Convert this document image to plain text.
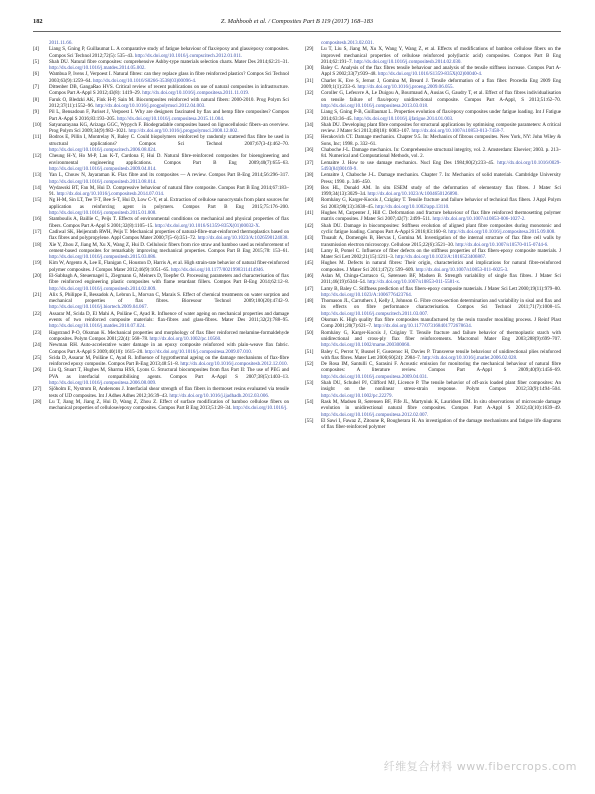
182	Z. Mahboob et al. / Composites Part B 119 (2017) 168–183
2011.11.66.
[4] Liang S, Gning P, Guillaumat L. A comparative study of fatigue behaviour of flax/epoxy and glass/epoxy composites. Compos Sci Technol 2012;72(5): 535–43. http://dx.doi.org/10.1016/j.compscitech.2012.01.011.
[5] Shah DU. Natural fibre composites: comprehensive Ashby-type materials selection charts. Mater Des 2014;62:21–31. http://dx.doi.org/10.1016/j.matdes.2014.05.002.
[6] Wambua P, Ivens J, Verpoest I. Natural fibres: can they replace glass in fibre reinforced plastics? Compos Sci Technol 2003;63(9):1259–64. http://dx.doi.org/10.1016/S0266-3538(03)00096-4.
[7] Dittenber DB, GangaRao HVS. Critical review of recent publications on use of natural composites in infrastructure. Compos Part A-Appl S 2012;43(8): 1419–29. http://dx.doi.org/10.1016/j.compositesa.2011.11.019.
[8] Faruk O, Bledzki AK, Fink H-P, Sain M. Biocomposites reinforced with natural fibers: 2000-2010. Prog Polym Sci 2012;37(11):1552–96. http://dx.doi.org/10.1016/j.progpolymsci.2012.04.003.
[9] Pil L, Bensadoun F, Pariset J, Verpoest I. Why are designers fascinated by flax and hemp fibre composites? Compos Part A-Appl S 2016;83:193–205. http://dx.doi.org/10.1016/j.compositesa.2015.11.004.
[10] Satyanarayana KG, Arizaga GGC, Wypych F. Biodegradable composites based on lignocellulosic fibers–an overview. Prog Polym Sci 2009;34(9):982–1021. http://dx.doi.org/10.1016/j.progpolymsci.2008.12.002.
[11] Bodros E, Pillin I, Montrelay N, Baley C. Could biopolymers reinforced by randomly scattered flax fibre be used in structural applications? Compos Sci Technol 2007;67(3-4):462–70. http://dx.doi.org/10.1016/j.compscitech.2006.08.024.
[12] Cheung H-Y, Ho M-P, Lau K-T, Cardona F, Hui D. Natural fibre-reinforced composites for bioengineering and environmental engineering applications. Compos Part B Eng 2009;40(7):655–63. http://dx.doi.org/10.1016/j.compositesb.2009.04.014.
[13] Yan L, Chouw N, Jayaraman K. Flax fibre and its composites — A review. Compos Part B-Eng 2014;56:296–317. http://dx.doi.org/10.1016/j.compositesb.2013.08.014.
[14] Wydawski BT, Fan M, Hui D. Compressive behaviour of natural fibre composite. Compos Part B Eng 2014;67:183–91. http://dx.doi.org/10.1016/j.compositesb.2014.07.014.
[15] Ng H-M, Sin LT, Tee T-T, Bee S-T, Hui D, Low C-Y, et al. Extraction of cellulose nanocrystals from plant sources for application as reinforcing agent in polymers. Compos Part B Eng 2015;75:176–200. http://dx.doi.org/10.1016/j.compositesb.2015.01.008.
[16] Stamboulis A, Baillie C, Peijs T. Effects of environmental conditions on mechanical and physical properties of flax fibers. Compos Part A-Appl S 2001;32(8):1105–15. http://dx.doi.org/10.1016/S1359-835X(01)00032-X.
[17] Cadiwal SK, Heijenrath RWH, Peijs T. Mechanical properties of natural-fibre-mat-reinforced thermoplastics based on flax fibres and polypropylene. Appl Compos Mater 2000;7(5–6):351–72. http://dx.doi.org/10.1023/A:1026590124038.
[18] Xie Y, Zhou Z, Jiang M, Xu X, Wang Z, Hui D. Cellulosic fibers from rice straw and bamboo used as reinforcement of cement-based composites for remarkably improving mechanical properties. Compos Part B Eng 2015;78: 153–61. http://dx.doi.org/10.1016/j.compositesb.2015.03.086.
[19] Kim W, Argento A, Lee E, Flanigan C, Houston D, Harris A, et al. High strain-rate behavior of natural fiber-reinforced polymer composites. J Compos Mater 2012;46(9):1051–65. http://dx.doi.org/10.1177/0021998311414946.
[20] El-Sabbagh A, Steuernagel L, Ziegmann G, Meiners D, Toepfer O. Processing parameters and characterisation of flax fibre reinforced engineering plastic composites with flame retardant fillers. Compos Part B-Eng 2014;62:12–8. http://dx.doi.org/10.1016/j.compositesb.2014.02.009.
[21] Alix S, Philippe E, Bessadok A, Lebrun L, Morvan C, Marais S. Effect of chemical treatments on water sorption and mechanical properties of flax fibres. Bioresour Technol 2009;100(20):4742–9. http://dx.doi.org/10.1016/j.biortech.2009.04.067.
[22] Assarar M, Scida D, El Mahi A, Poilâne C, Ayad R. Influence of water ageing on mechanical properties and damage events of two reinforced composite materials: flax-fibres and glass-fibres. Mater Des 2011;32(2):788–95. http://dx.doi.org/10.1016/j.matdes.2010.07.024.
[23] Hagstrand P-O, Oksman K. Mechanical properties and morphology of flax fiber reinforced melamine-formaldehyde composites. Polym Compos 2001;22(4): 568–78. http://dx.doi.org/10.1002/pc.10560.
[24] Newman RH. Auto-accelerative water damage in an epoxy composite reinforced with plain-weave flax fabric. Compos Part A-Appl S 2009;40(10): 1615–20. http://dx.doi.org/10.1016/j.compositesa.2009.07.010.
[25] Scida D, Assarar M, Poilâne C, Ayad R. Influence of hygrothermal ageing on the damage mechanisms of flax-fibre reinforced epoxy composite. Compos Part B-Eng 2013;48:51–8. http://dx.doi.org/10.1016/j.compositesb.2012.12.010.
[26] Liu Q, Stuart T, Hughes M, Sharma HSS, Lyons G. Structural biocomposites from flax Part II: The use of PEG and PVA as interfacial compatibilising agents. Compos Part A-Appl S 2007;38(5):1403–13. http://dx.doi.org/10.1016/j.compositesa.2006.08.009.
[27] Sjöholm E, Nystrom B, Andersons J. Interfacial shear strength of flax fibers in thermoset resins evaluated via tensile tests of UD composites. Int J Adhes Adhes 2012;36:39–43. http://dx.doi.org/10.1016/j.ijadhadh.2012.03.006.
[28] Lu T, Jiang M, Jiang Z, Hui D, Wang Z, Zhou Z. Effect of surface modification of bamboo cellulose fibers on mechanical properties of cellulose/epoxy composites. Compos Part B Eng 2013;51:28–34. http://dx.doi.org/10.1016/j.
compositesb.2013.02.031.
[29] Lu T, Liu S, Jiang M, Xu X, Wang Y, Wang Z, et al. Effects of modifications of bamboo cellulose fibers on the improved mechanical properties of cellulose reinforced poly(lactic acid) composites. Compos Part B Eng 2014;62:191–7. http://dx.doi.org/10.1016/j.compositesb.2014.02.030.
[30] Baley C. Analysis of the flax fibres tensile behaviour and analysis of the tensile stiffness increase. Compos Part A-Appl S 2002;33(7):939–48. http://dx.doi.org/10.1016/S1359-835X(02)00040-4.
[31] Charlet K, Eve S, Jernot J, Gomina M, Breard J. Tensile deformation of a flax fiber. Procedia Eng 2009 Eng 2009;1(1):233–6. http://dx.doi.org/10.1016/j.proeng.2009.06.055.
[32] Coroller G, Lefeuvre A, Le Duigou A, Bourmaud A, Ausias G, Gaudry T, et al. Effect of flax fibres individualisation on tensile failure of flax/epoxy unidirectional composite. Compos Part A-Appl, S 2013;51:62–70. http://dx.doi.org/10.1016/j.compositesa.2013.03.018.
[33] Liang S, Gning P-B, Guillaumat L. Properties evolution of flax/epoxy composites under fatigue loading. Int J Fatigue 2014;63:36–45. http://dx.doi.org/10.1016/j.ijfatigue.2014.01.003.
[34] Shah DU. Developing plant fibre composites for structural applications by optimising composite parameters: A critical review. J Mater Sci 2013;48(18): 6083–107. http://dx.doi.org/10.1007/s10853-013-7458-7.
[35] Herakovich CT. Damage mechanics. Chapter 9.5. In: Mechanics of fibrous composites. New York, NY: John Wiley & Sons, Inc; 1998. p. 332–61.
[36] Chaboche J-L. Damage mechanics. In: Comprehensive structural integrity, vol. 2. Amsterdam: Elsevier; 2003. p. 213–84. Numerical and Computational Methods, vol. 2.
[37] Lemaitre J. How to use damage mechanics. Nucl Eng Des 1984;80(2):233–45. http://dx.doi.org/10.1016/0029-5493(84)90169-9.
[38] Lemaitre J, Chaboche J-L. Damage mechanics. Chapter 7. In: Mechanics of solid materials. Cambridge University Press; 1990. p. 346–450.
[39] Bos HL, Donald AM. In situ ESEM study of the deformation of elementary flax fibres. J Mater Sci 1999;34(13):3029–34. http://dx.doi.org/10.1023/A:1004650126890.
[40] Romhány G, Karger-Kocsis J, Czigány T. Tensile fracture and failure behavior of technical flax fibers. J Appl Polym Sci 2003;90(13):3638–45. http://dx.doi.org/10.1002/app.13110.
[41] Hughes M, Carpenter J, Hill C. Deformation and fracture behaviour of flax fibre reinforced thermosetting polymer matrix composites. J Mater Sci 2007;42(7): 2499–511. http://dx.doi.org/10.1007/s10853-006-1027-2.
[42] Shah DU. Damage in biocomposites: Stiffness evolution of aligned plant fibre composites during monotonic and cyclic fatigue loading. Compos Part A-Appl S 2016;83:160–8. http://dx.doi.org/10.1016/j.compositesa.2015.09.008.
[43] Thuault A, Domengès B, Hervas I, Gomina M. Investigation of the internal structure of flax fibre cell walls by transmission electron microscopy. Cellulose 2015;22(6):3521–30. http://dx.doi.org/10.1007/s10570-015-0744-6.
[44] Lamy B, Pomel C. Influence of fiber defects on the stiffness properties of flax fibers-epoxy composite materials. J Mater Sci Lett 2002;21(15):1211–3. http://dx.doi.org/10.1023/A:1016523406867.
[45] Hughes M. Defects in natural fibres: Their origin, characteristics and implications for natural fibre-reinforced composites. J Mater Sci 2011;47(2): 599–609. http://dx.doi.org/10.1007/s10853-011-6025-3.
[46] Aslan M, Chinga-Carrasco G, Sørensen BF, Madsen B. Strength variability of single flax fibres. J Mater Sci 2011;46(19):6344–54. http://dx.doi.org/10.1007/s10853-011-5581-x.
[47] Lamy B, Baley C. Stiffness prediction of flax fibers-epoxy composite materials. J Mater Sci Lett 2000;19(11):979–80. http://dx.doi.org/10.1023/A:1006776423764.
[48] Thomason JL, Carruthers J, Kelly J, Johnson G. Fibre cross-section determination and variability in sisal and flax and its effects on fibre performance characterisation. Compos Sci Technol 2011;71(7):1008–15. http://dx.doi.org/10.1016/j.compscitech.2011.03.007.
[49] Oksman K. High quality flax fibre composites manufactured by the resin transfer moulding process. J Reinf Plast Comp 2001;20(7):621–7. http://dx.doi.org/10.1177/073168401772678634.
[50] Romhány G, Karger-Kocsis J, Czigány T. Tensile fracture and failure behavior of thermoplastic starch with unidirectional and cross-ply flax fiber reinforcements. Macromol Mater Eng 2003;288(9):699–707. http://dx.doi.org/10.1002/mame.200300060.
[51] Baley C, Perrot Y, Busnel F, Guezenoc H, Davies P. Transverse tensile behaviour of unidirectional plies reinforced with flax fibres. Mater Lett 2006;60(24): 2984–7. http://dx.doi.org/10.1016/j.matlet.2006.02.028.
[52] De Rosa IM, Santulli C, Sarasini F. Acoustic emission for monitoring the mechanical behaviour of natural fibre composites: A literature review. Compos Part A-Appl S 2009;40(9):1456–69. http://dx.doi.org/10.1016/j.compositesa.2009.04.031.
[53] Shah DU, Schubel PJ, Clifford MJ, Licence P. The tensile behavior of off-axis loaded plant fiber composites: An insight on the nonlinear stress-strain response. Polym Compos 2012;33(9):1494–504. http://dx.doi.org/10.1002/pc.22279.
[54] Rask M, Madsen B, Sørensen BF, Fife JL, Martyniuk K, Lauridsen EM. In situ observations of microscale damage evolution in unidirectional natural fibre composites. Compos Part A-Appl S 2012;43(10):1639–49. http://dx.doi.org/10.1016/j.compositesa.2012.02.007.
[55] El Sawi I, Fawaz Z, Zitoune R, Bougherara H. An investigation of the damage mechanisms and fatigue life diagrams of flax fiber-reinforced polymer
纤维复合材料 www.fibercrops.com
